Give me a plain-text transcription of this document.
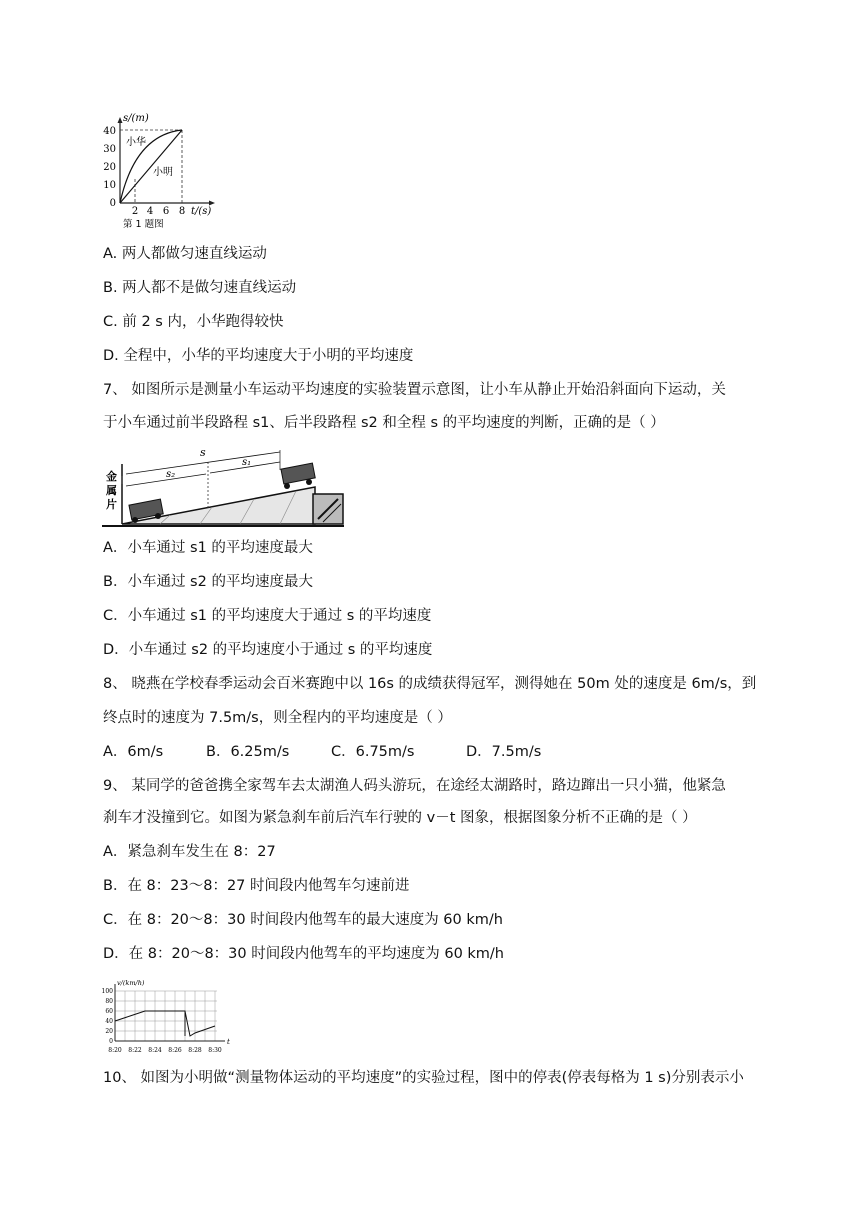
0
10
20
30
40
2 4 6 8
s/(m)
t/(s)
小华
小明
第 1 题图
A. 两人都做匀速直线运动
B. 两人都不是做匀速直线运动
C. 前 2 s 内，小华跑得较快
D. 全程中，小华的平均速度大于小明的平均速度
7、 如图所示是测量小车运动平均速度的实验装置示意图，让小车从静止开始沿斜面向下运动，关
于小车通过前半段路程 s1、后半段路程 s2 和全程 s 的平均速度的判断，正确的是（ ）
金
属
片
s
s₂
s₁
A．小车通过 s1 的平均速度最大
B．小车通过 s2 的平均速度最大
C．小车通过 s1 的平均速度大于通过 s 的平均速度
D．小车通过 s2 的平均速度小于通过 s 的平均速度
8、 晓燕在学校春季运动会百米赛跑中以 16s 的成绩获得冠军，测得她在 50m 处的速度是 6m/s，到
终点时的速度为 7.5m/s，则全程内的平均速度是（ ）
A．6m/s	B．6.25m/s	C．6.75m/s	D．7.5m/s
9、 某同学的爸爸携全家驾车去太湖渔人码头游玩，在途经太湖路时，路边蹿出一只小猫，他紧急
刹车才没撞到它。如图为紧急刹车前后汽车行驶的 v－t 图象，根据图象分析不正确的是（ ）
A．紧急刹车发生在 8：27
B．在 8：23～8：27 时间段内他驾车匀速前进
C．在 8：20～8：30 时间段内他驾车的最大速度为 60 km/h
D．在 8：20～8：30 时间段内他驾车的平均速度为 60 km/h
v/(km/h)
100
80
60
40
20
0
8:20 8:22 8:24 8:26 8:28 8:30
t
10、 如图为小明做“测量物体运动的平均速度”的实验过程，图中的停表(停表每格为 1 s)分别表示小
